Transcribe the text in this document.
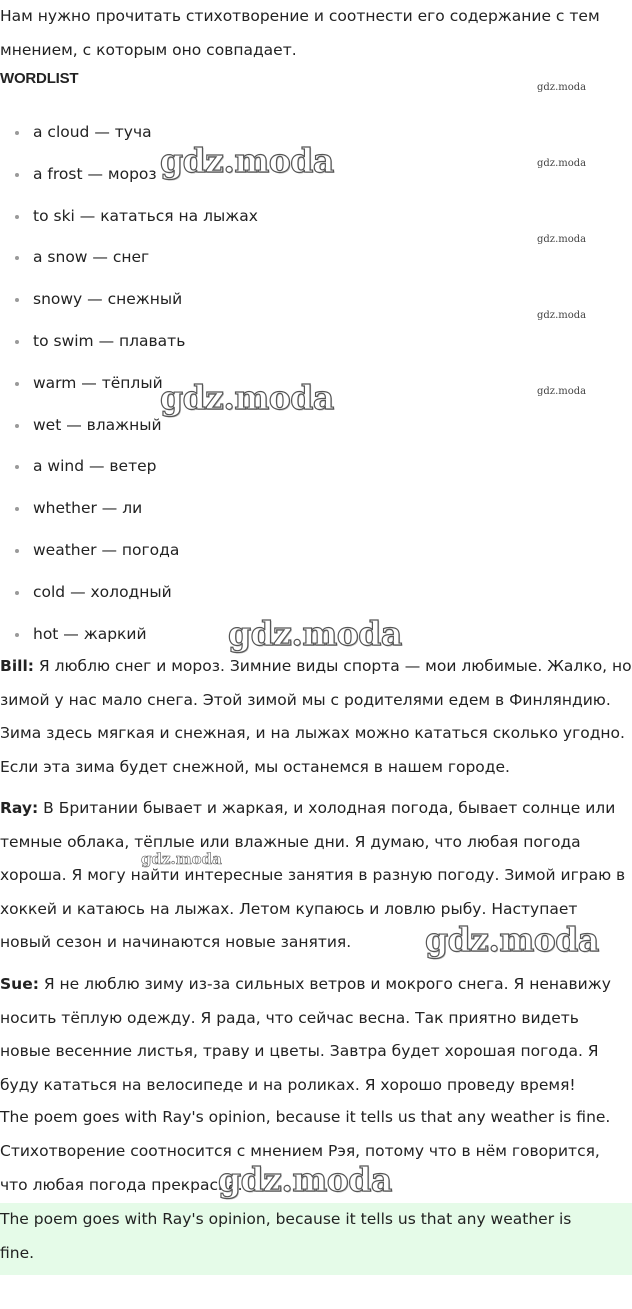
Нам нужно прочитать стихотворение и соотнести его содержание с тем мнением, с которым оно совпадает.

WORDLIST
a cloud — туча
a frost — мороз
to ski — кататься на лыжах
a snow — снег
snowy — снежный
to swim — плавать
warm — тёплый
wet — влажный
a wind — ветер
whether — ли
weather — погода
cold — холодный
hot — жаркий

Bill: Я люблю снег и мороз. Зимние виды спорта — мои любимые. Жалко, но зимой у нас мало снега. Этой зимой мы с родителями едем в Финляндию. Зима здесь мягкая и снежная, и на лыжах можно кататься сколько угодно. Если эта зима будет снежной, мы останемся в нашем городе.

Ray: В Британии бывает и жаркая, и холодная погода, бывает солнце или темные облака, тёплые или влажные дни. Я думаю, что любая погода хороша. Я могу найти интересные занятия в разную погоду. Зимой играю в хоккей и катаюсь на лыжах. Летом купаюсь и ловлю рыбу. Наступает новый сезон и начинаются новые занятия.

Sue: Я не люблю зиму из-за сильных ветров и мокрого снега. Я ненавижу носить тёплую одежду. Я рада, что сейчас весна. Так приятно видеть новые весенние листья, траву и цветы. Завтра будет хорошая погода. Я буду кататься на велосипеде и на роликах. Я хорошо проведу время!

The poem goes with Ray's opinion, because it tells us that any weather is fine.

Стихотворение соотносится с мнением Рэя, потому что в нём говорится, что любая погода прекрасна.

The poem goes with Ray's opinion, because it tells us that any weather is fine.

gdz.moda
gdz.moda
gdz.moda
gdz.moda
gdz.moda
gdz.moda
gdz.moda
gdz.moda
gdz.moda
gdz.moda
gdz.moda
